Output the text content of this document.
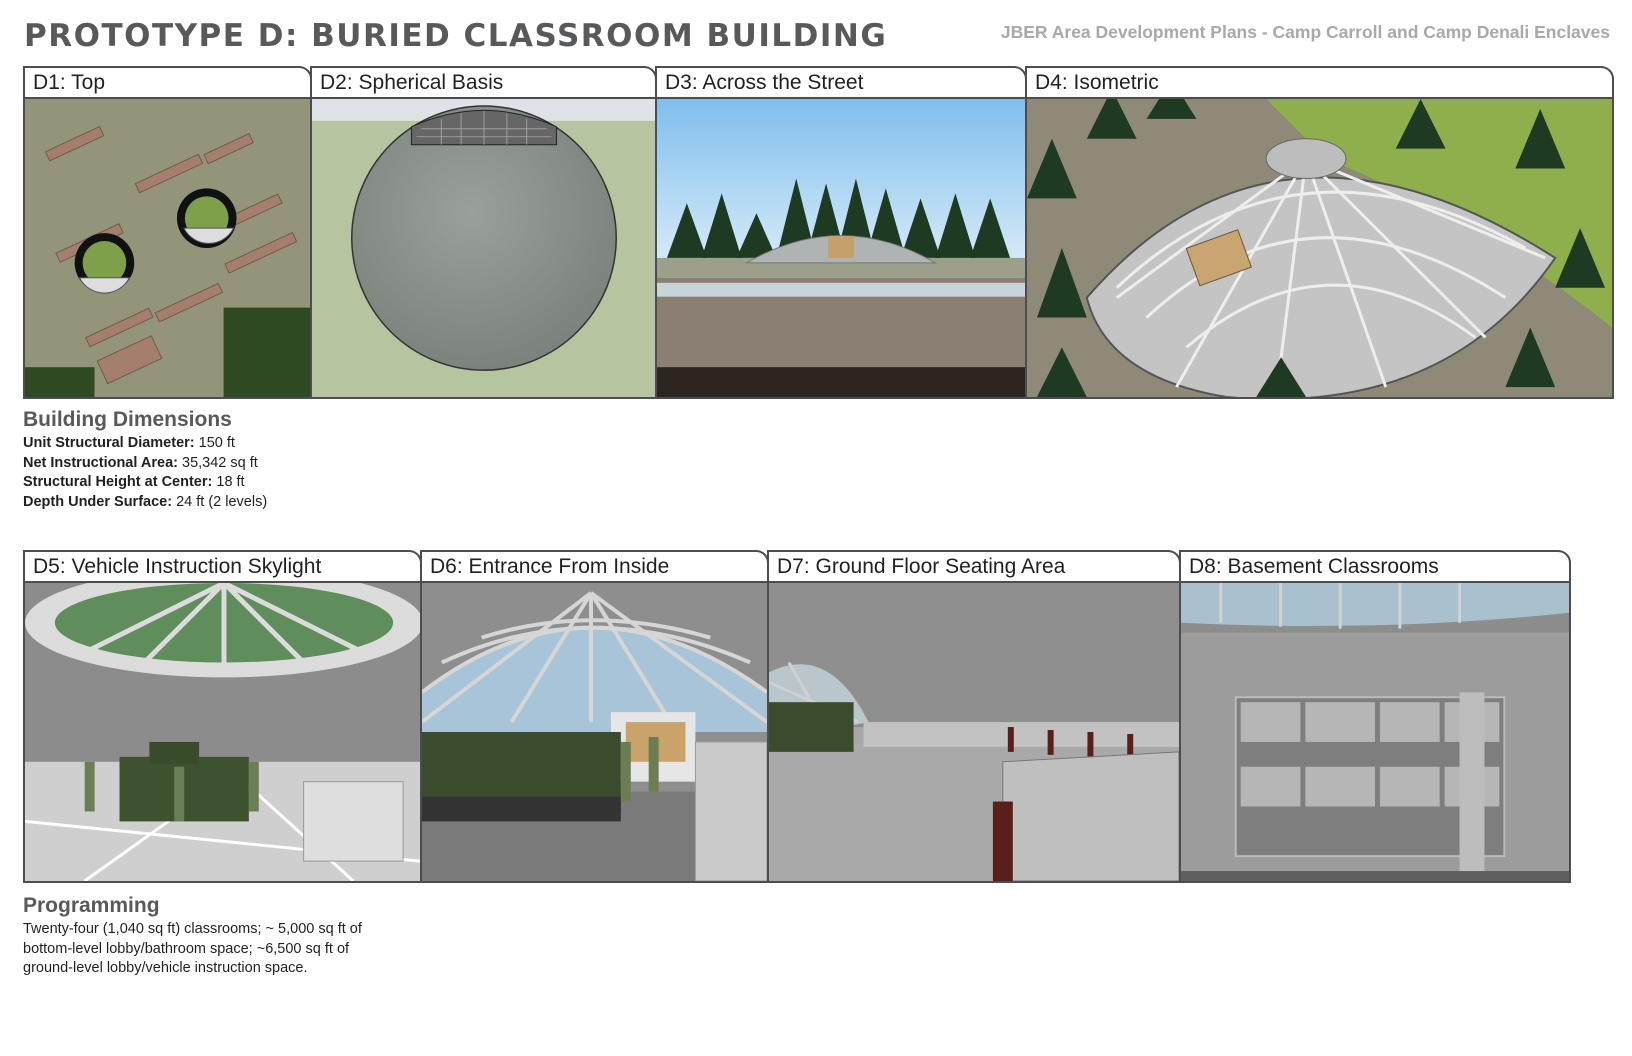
PROTOTYPE D: BURIED CLASSROOM BUILDING	JBER Area Development Plans - Camp Carroll and Camp Denali Enclaves
D1: Top	D2: Spherical Basis	D3: Across the Street	D4: Isometric
Building Dimensions
Unit Structural Diameter: 150 ft
Net Instructional Area: 35,342 sq ft
Structural Height at Center: 18 ft
Depth Under Surface: 24 ft (2 levels)
D5: Vehicle Instruction Skylight	D6: Entrance From Inside	D7: Ground Floor Seating Area	D8: Basement Classrooms
Programming
Twenty-four (1,040 sq ft) classrooms; ~ 5,000 sq ft of bottom-level lobby/bathroom space; ~6,500 sq ft of ground-level lobby/vehicle instruction space.
